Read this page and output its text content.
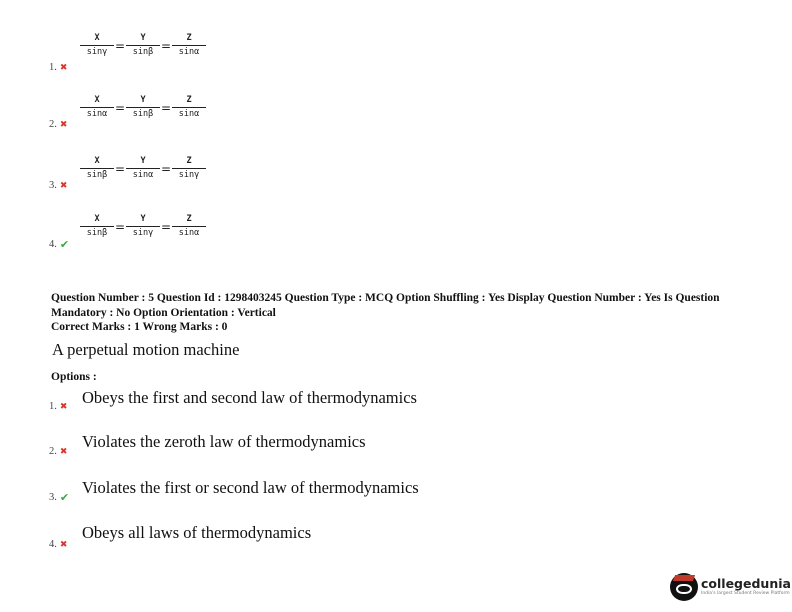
$\frac{X}{\sin\gamma} = \frac{Y}{\sin\beta} = \frac{Z}{\sin\alpha}$
1. ✖
$\frac{X}{\sin\alpha} = \frac{Y}{\sin\beta} = \frac{Z}{\sin\alpha}$
2. ✖
$\frac{X}{\sin\beta} = \frac{Y}{\sin\alpha} = \frac{Z}{\sin\gamma}$
3. ✖
$\frac{X}{\sin\beta} = \frac{Y}{\sin\gamma} = \frac{Z}{\sin\alpha}$
4. ✔
Question Number : 5 Question Id : 1298403245 Question Type : MCQ Option Shuffling : Yes Display Question Number : Yes Is Question
Mandatory : No Option Orientation : Vertical
Correct Marks : 1 Wrong Marks : 0
A perpetual motion machine
Options :
Obeys the first and second law of thermodynamics
1. ✖
Violates the zeroth law of thermodynamics
2. ✖
Violates the first or second law of thermodynamics
3. ✔
Obeys all laws of thermodynamics
4. ✖
collegedunia
India's largest Student Review Platform
